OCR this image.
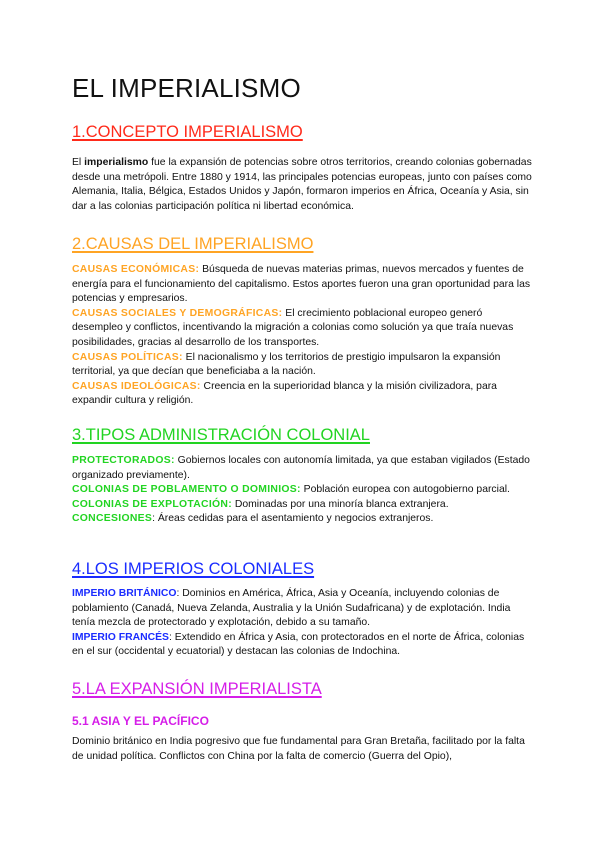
EL IMPERIALISMO
1.CONCEPTO IMPERIALISMO

El imperialismo fue la expansión de potencias sobre otros territorios, creando colonias gobernadas desde una metrópoli. Entre 1880 y 1914, las principales potencias europeas, junto con países como Alemania, Italia, Bélgica, Estados Unidos y Japón, formaron imperios en África, Oceanía y Asia, sin dar a las colonias participación política ni libertad económica.

2.CAUSAS DEL IMPERIALISMO

CAUSAS ECONÓMICAS: Búsqueda de nuevas materias primas, nuevos mercados y fuentes de energía para el funcionamiento del capitalismo. Estos aportes fueron una gran oportunidad para las potencias y empresarios.
CAUSAS SOCIALES Y DEMOGRÁFICAS: El crecimiento poblacional europeo generó desempleo y conflictos, incentivando la migración a colonias como solución ya que traía nuevas posibilidades, gracias al desarrollo de los transportes.
CAUSAS POLÍTICAS: El nacionalismo y los territorios de prestigio impulsaron la expansión territorial, ya que decían que beneficiaba a la nación.
CAUSAS IDEOLÓGICAS: Creencia en la superioridad blanca y la misión civilizadora, para expandir cultura y religión.

3.TIPOS ADMINISTRACIÓN COLONIAL

PROTECTORADOS: Gobiernos locales con autonomía limitada, ya que estaban vigilados (Estado organizado previamente).
COLONIAS DE POBLAMENTO O DOMINIOS: Población europea con autogobierno parcial.
COLONIAS DE EXPLOTACIÓN: Dominadas por una minoría blanca extranjera.
CONCESIONES: Áreas cedidas para el asentamiento y negocios extranjeros.

4.LOS IMPERIOS COLONIALES

IMPERIO BRITÁNICO: Dominios en América, África, Asia y Oceanía, incluyendo colonias de poblamiento (Canadá, Nueva Zelanda, Australia y la Unión Sudafricana) y de explotación. India tenía mezcla de protectorado y explotación, debido a su tamaño.
IMPERIO FRANCÉS: Extendido en África y Asia, con protectorados en el norte de África, colonias en el sur (occidental y ecuatorial) y destacan las colonias de Indochina.

5.LA EXPANSIÓN IMPERIALISTA
5.1 ASIA Y EL PACÍFICO

Dominio británico en India pogresivo que fue fundamental para Gran Bretaña, facilitado por la falta de unidad política. Conflictos con China por la falta de comercio (Guerra del Opio),
